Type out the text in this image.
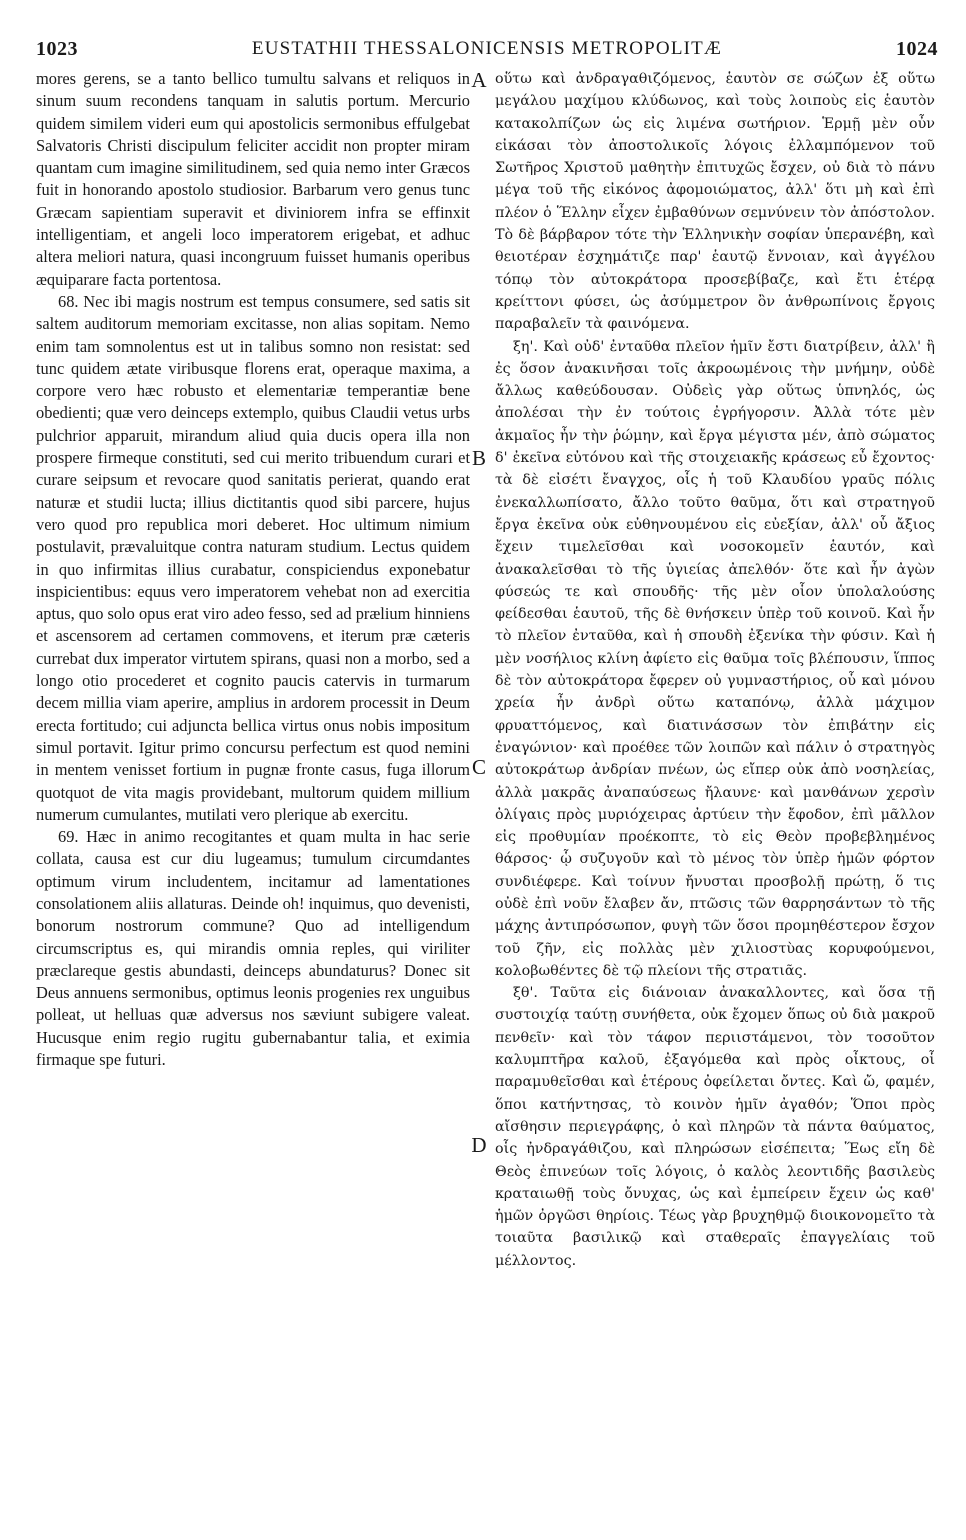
1023	EUSTATHII THESSALONICENSIS METROPOLITÆ	1024

mores gerens, se a tanto bellico tumultu salvans et reliquos in sinum suum recondens tanquam in salutis portum. Mercurio quidem similem videri eum qui apostolicis sermonibus effulgebat Salvatoris Christi discipulum feliciter accidit non propter miram quantam cum imagine similitudinem, sed quia nemo inter Græcos fuit in honorando apostolo studiosior. Barbarum vero genus tunc Græcam sapientiam superavit et diviniorem infra se effinxit intelligentiam, et angeli loco imperatorem erigebat, et adhuc altera meliori natura, quasi incongruum fuisset humanis operibus æquiparare facta portentosa.

68. Nec ibi magis nostrum est tempus consumere, sed satis sit saltem auditorum memoriam excitasse, non alias sopitam. Nemo enim tam somnolentus est ut in talibus somno non resistat: sed tunc quidem ætate viribusque florens erat, operaque maxima, a corpore vero hæc robusto et elementariæ temperantiæ bene obedienti; quæ vero deinceps extemplo, quibus Claudii vetus urbs pulchrior apparuit, mirandum aliud quia ducis opera illa non prospere firmeque constituti, sed cui merito tribuendum curari et curare seipsum et revocare quod sanitatis perierat, quando erat naturæ et studii lucta; illius dictitantis quod sibi parcere, hujus vero quod pro republica mori deberet. Hoc ultimum nimium postulavit, prævaluitque contra naturam studium. Lectus quidem in quo infirmitas illius curabatur, conspiciendus exponebatur inspicientibus: equus vero imperatorem vehebat non ad exercitia aptus, quo solo opus erat viro adeo fesso, sed ad prælium hinniens et ascensorem ad certamen commovens, et iterum præ cæteris currebat dux imperator virtutem spirans, quasi non a morbo, sed a longo otio procederet et cognito paucis catervis in turmarum decem millia viam aperire, amplius in ardorem processit in Deum erecta fortitudo; cui adjuncta bellica virtus onus nobis impositum simul portavit. Igitur primo concursu perfectum est quod nemini in mentem venisset fortium in pugnæ fronte casus, fuga illorum quotquot de vita magis providebant, multorum quidem millium numerum cumulantes, mutilati vero plerique ab exercitu.

69. Hæc in animo recogitantes et quam multa in hac serie collata, causa est cur diu lugeamus; tumulum circumdantes optimum virum includentem, incitamur ad lamentationes consolationem aliis allaturas. Deinde oh! inquimus, quo devenisti, bonorum nostrorum commune? Quo ad intelligendum circumscriptus es, qui mirandis omnia reples, qui viriliter præclareque gestis abundasti, deinceps abundaturus? Donec sit Deus annuens sermonibus, optimus leonis progenies rex unguibus polleat, ut helluas quæ adversus nos sæviunt subigere valeat. Hucusque enim regio rugitu gubernabantur talia, et eximia firmaque spe futuri.

A
B
C
D

οὕτω καὶ ἀνδραγαθιζόμενος, ἑαυτὸν σε σώζων ἐξ οὕτω μεγάλου μαχίμου κλύδωνος, καὶ τοὺς λοιποὺς εἰς ἑαυτὸν κατακολπίζων ὡς εἰς λιμένα σωτήριον. Ἑρμῇ μὲν οὖν εἰκάσαι τὸν ἀποστολικοῖς λόγοις ἐλλαμπόμενον τοῦ Σωτῆρος Χριστοῦ μαθητὴν ἐπιτυχῶς ἔσχεν, οὐ διὰ τὸ πάνυ μέγα τοῦ τῆς εἰκόνος ἀφομοιώματος, ἀλλ' ὅτι μὴ καὶ ἐπὶ πλέον ὁ Ἕλλην εἶχεν ἐμβαθύνων σεμνύνειν τὸν ἀπόστολον. Τὸ δὲ βάρβαρον τότε τὴν Ἑλληνικὴν σοφίαν ὑπερανέβη, καὶ θειοτέραν ἐσχημάτιζε παρ' ἑαυτῷ ἔννοιαν, καὶ ἀγγέλου τόπῳ τὸν αὐτοκράτορα προσεβίβαζε, καὶ ἔτι ἑτέρᾳ κρείττονι φύσει, ὡς ἀσύμμετρον ὂν ἀνθρωπίνοις ἔργοις παραβαλεῖν τὰ φαινόμενα.

ξη'. Καὶ οὐδ' ἐνταῦθα πλεῖον ἡμῖν ἔστι διατρίβειν, ἀλλ' ἢ ἐς ὅσον ἀνακινῆσαι τοῖς ἀκροωμένοις τὴν μνήμην, οὐδὲ ἄλλως καθεύδουσαν. Οὐδεὶς γὰρ οὕτως ὑπνηλός, ὡς ἀπολέσαι τὴν ἐν τούτοις ἐγρήγορσιν. Ἀλλὰ τότε μὲν ἀκμαῖος ἦν τὴν ῥώμην, καὶ ἔργα μέγιστα μέν, ἀπὸ σώματος δ' ἐκεῖνα εὐτόνου καὶ τῆς στοιχειακῆς κράσεως εὖ ἔχοντος· τὰ δὲ εἰσέτι ἔναγχος, οἷς ἡ τοῦ Κλαυδίου γραῦς πόλις ἐνεκαλλωπίσατο, ἄλλο τοῦτο θαῦμα, ὅτι καὶ στρατηγοῦ ἔργα ἐκεῖνα οὐκ εὐθηνουμένου εἰς εὐεξίαν, ἀλλ' οὗ ἄξιος ἔχειν τιμελεῖσθαι καὶ νοσοκομεῖν ἑαυτόν, καὶ ἀνακαλεῖσθαι τὸ τῆς ὑγιείας ἀπελθόν· ὅτε καὶ ἦν ἀγὼν φύσεώς τε καὶ σπουδῆς· τῆς μὲν οἷον ὑπολαλούσης φείδεσθαι ἑαυτοῦ, τῆς δὲ θνήσκειν ὑπὲρ τοῦ κοινοῦ. Καὶ ἦν τὸ πλεῖον ἐνταῦθα, καὶ ἡ σπουδὴ ἐξενίκα τὴν φύσιν. Καὶ ἡ μὲν νοσήλιος κλίνη ἀφίετο εἰς θαῦμα τοῖς βλέπουσιν, ἵππος δὲ τὸν αὐτοκράτορα ἔφερεν οὐ γυμναστήριος, οὗ καὶ μόνου χρεία ἦν ἀνδρὶ οὕτω καταπόνῳ, ἀλλὰ μάχιμον φρυαττόμενος, καὶ διατινάσσων τὸν ἐπιβάτην εἰς ἐναγώνιον· καὶ προέθεε τῶν λοιπῶν καὶ πάλιν ὁ στρατηγὸς αὐτοκράτωρ ἀνδρίαν πνέων, ὡς εἴπερ οὐκ ἀπὸ νοσηλείας, ἀλλὰ μακρᾶς ἀναπαύσεως ἤλαυνε· καὶ μανθάνων χερσὶν ὀλίγαις πρὸς μυριόχειρας ἀρτύειν τὴν ἔφοδον, ἐπὶ μᾶλλον εἰς προθυμίαν προέκοπτε, τὸ εἰς Θεὸν προβεβλημένος θάρσος· ᾧ συζυγοῦν καὶ τὸ μένος τὸν ὑπὲρ ἡμῶν φόρτον συνδιέφερε. Καὶ τοίνυν ἤνυσται προσβολῇ πρώτῃ, ὅ τις οὐδὲ ἐπὶ νοῦν ἔλαβεν ἄν, πτῶσις τῶν θαρρησάντων τὸ τῆς μάχης ἀντιπρόσωπον, φυγὴ τῶν ὅσοι προμηθέστερον ἔσχον τοῦ ζῆν, εἰς πολλὰς μὲν χιλιοστὺας κορυφούμενοι, κολοβωθέντες δὲ τῷ πλείονι τῆς στρατιᾶς.

ξθ'. Ταῦτα εἰς διάνοιαν ἀνακαλλοντες, καὶ ὅσα τῇ συστοιχίᾳ ταύτῃ συνήθετα, οὐκ ἔχομεν ὅπως οὐ διὰ μακροῦ πενθεῖν· καὶ τὸν τάφον περιιστάμενοι, τὸν τοσοῦτον καλυμπτῆρα καλοῦ, ἐξαγόμεθα καὶ πρὸς οἶκτους, οἷ παραμυθεῖσθαι καὶ ἑτέρους ὀφείλεται ὄντες. Καὶ ὤ, φαμέν, ὅποι κατήντησας, τὸ κοινὸν ἡμῖν ἀγαθόν; Ὅποι πρὸς αἴσθησιν περιεγράφης, ὁ καὶ πληρῶν τὰ πάντα θαύματος, οἷς ἠνδραγάθιζου, καὶ πληρώσων εἰσέπειτα; Ἕως εἴη δὲ Θεὸς ἐπινεύων τοῖς λόγοις, ὁ καλὸς λεοντιδῆς βασιλεὺς κραταιωθῇ τοὺς ὄνυχας, ὡς καὶ ἐμπείρειν ἔχειν ὡς καθ' ἡμῶν ὀργῶσι θηρίοις. Τέως γὰρ βρυχηθμῷ διοικονομεῖτο τὰ τοιαῦτα βασιλικῷ καὶ σταθεραῖς ἐπαγγελίαις τοῦ μέλλοντος.
